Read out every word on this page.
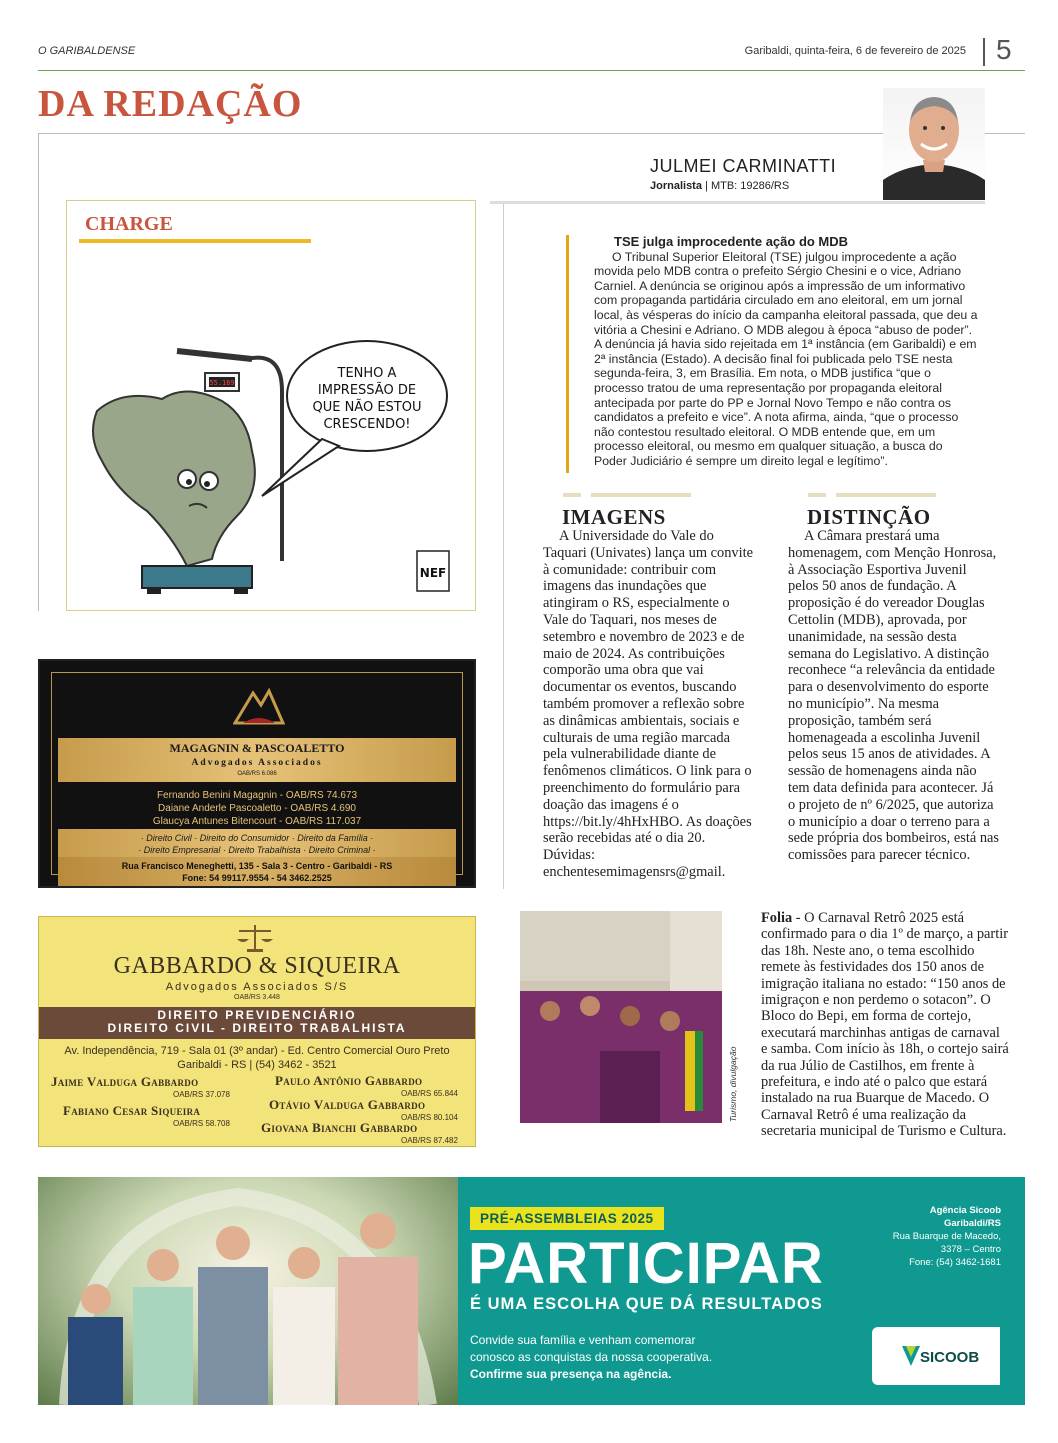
O GARIBALDENSE	Garibaldi, quinta-feira, 6 de fevereiro de 2025 5
DA REDAÇÃO
JULMEI CARMINATTI
Jornalista | MTB: 19286/RS
CHARGE
55.169
TENHO A
IMPRESSÃO DE
QUE NÃO ESTOU
CRESCENDO!
NEF
TSE julga improcedente ação do MDB

O Tribunal Superior Eleitoral (TSE) julgou improcedente a ação movida pelo MDB contra o prefeito Sérgio Chesini e o vice, Adriano Carniel. A denúncia se originou após a impressão de um informativo com propaganda partidária circulado em ano eleitoral, em um jornal local, às vésperas do início da campanha eleitoral passada, que deu a vitória a Chesini e Adriano. O MDB alegou à época “abuso de poder”. A denúncia já havia sido rejeitada em 1ª instância (em Garibaldi) e em 2ª instância (Estado). A decisão final foi publicada pelo TSE nesta segunda-feira, 3, em Brasília. Em nota, o MDB justifica “que o processo tratou de uma representação por propaganda eleitoral antecipada por parte do PP e Jornal Novo Tempo e não contra os candidatos a prefeito e vice”. A nota afirma, ainda, “que o processo não contestou resultado eleitoral. O MDB entende que, em um processo eleitoral, ou mesmo em qualquer situação, a busca do Poder Judiciário é sempre um direito legal e legítimo”.

IMAGENS

A Universidade do Vale do Taquari (Univates) lança um convite à comunidade: contribuir com imagens das inundações que atingiram o RS, especialmente o Vale do Taquari, nos meses de setembro e novembro de 2023 e de maio de 2024. As contribuições comporão uma obra que vai documentar os eventos, buscando também promover a reflexão sobre as dinâmicas ambientais, sociais e culturais de uma região marcada pela vulnerabilidade diante de fenômenos climáticos. O link para o preenchimento do formulário para doação das imagens é o https://bit.ly/4hHxHBO. As doações serão recebidas até o dia 20. Dúvidas: enchentesemimagensrs@gmail.

DISTINÇÃO

A Câmara prestará uma homenagem, com Menção Honrosa, à Associação Esportiva Juvenil pelos 50 anos de fundação. A proposição é do vereador Douglas Cettolin (MDB), aprovada, por unanimidade, na sessão desta semana do Legislativo. A distinção reconhece “a relevância da entidade para o desenvolvimento do esporte no município”. Na mesma proposição, também será homenageada a escolinha Juvenil pelos seus 15 anos de atividades. A sessão de homenagens ainda não tem data definida para acontecer. Já o projeto de nº 6/2025, que autoriza o município a doar o terreno para a sede própria dos bombeiros, está nas comissões para parecer técnico.

MAGAGNIN & PASCOALETTO
Advogados Associados
OAB/RS 6.086
Fernando Benini Magagnin - OAB/RS 74.673
Daiane Anderle Pascoaletto - OAB/RS 4.690
Glaucya Antunes Bitencourt - OAB/RS 117.037
· Direito Civil · Direito do Consumidor · Direito da Família ·
· Direito Empresarial · Direito Trabalhista · Direito Criminal ·
Rua Francisco Meneghetti, 135 - Sala 3 - Centro - Garibaldi - RS
Fone: 54 99117.9554 - 54 3462.2525
GABBARDO & SIQUEIRA
Advogados Associados S/S
OAB/RS 3.448
DIREITO PREVIDENCIÁRIO
DIREITO CIVIL - DIREITO TRABALHISTA
Av. Independência, 719 - Sala 01 (3º andar) - Ed. Centro Comercial Ouro Preto
Garibaldi - RS | (54) 3462 - 3521
Jaime Valduga Gabbardo
OAB/RS 37.078
Fabiano Cesar Siqueira
OAB/RS 58.708
Paulo Antônio Gabbardo
OAB/RS 65.844
Otávio Valduga Gabbardo
OAB/RS 80.104
Giovana Bianchi Gabbardo
OAB/RS 87.482
Turismo, divulgação
Folia - O Carnaval Retrô 2025 está confirmado para o dia 1º de março, a partir das 18h. Neste ano, o tema escolhido remete às festividades dos 150 anos de imigração italiana no estado: “150 anos de imigraçon e non perdemo o sotacon”. O Bloco do Bepi, em forma de cortejo, executará marchinhas antigas de carnaval e samba. Com início às 18h, o cortejo sairá da rua Júlio de Castilhos, em frente à prefeitura, e indo até o palco que estará instalado na rua Buarque de Macedo. O Carnaval Retrô é uma realização da secretaria municipal de Turismo e Cultura.
PRÉ-ASSEMBLEIAS 2025
PARTICIPAR
É UMA ESCOLHA QUE DÁ RESULTADOS
Convide sua família e venham comemorar
conosco as conquistas da nossa cooperativa.
Confirme sua presença na agência.
Agência Sicoob
Garibaldi/RS
Rua Buarque de Macedo,
3378 – Centro
Fone: (54) 3462-1681
SICOOB
